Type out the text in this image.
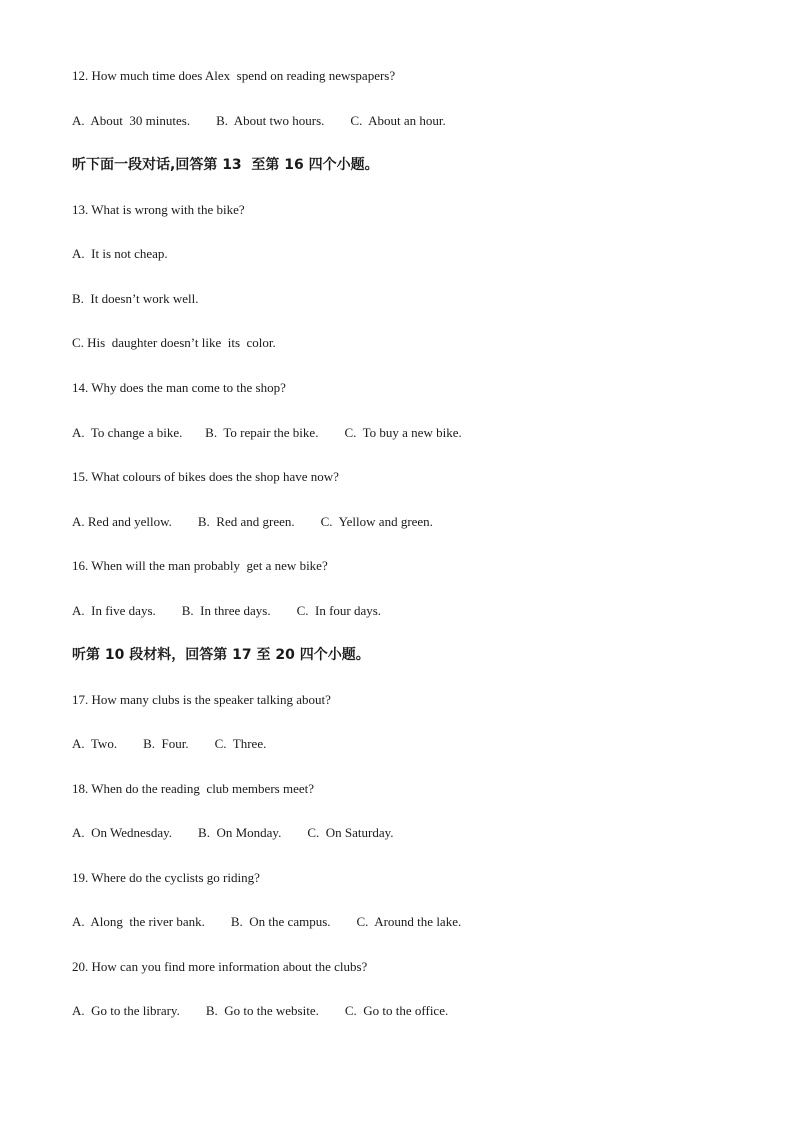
12. How much time does Alex  spend on reading newspapers?
A.  About  30 minutes.        B.  About two hours.        C.  About an hour.
听下面一段对话,回答第 13  至第 16 四个小题。
13. What is wrong with the bike?
A.  It is not cheap.
B.  It doesn’t work well.
C. His  daughter doesn’t like  its  color.
14. Why does the man come to the shop?
A.  To change a bike.       B.  To repair the bike.        C.  To buy a new bike.
15. What colours of bikes does the shop have now?
A. Red and yellow.        B.  Red and green.        C.  Yellow and green.
16. When will the man probably  get a new bike?
A.  In five days.        B.  In three days.        C.  In four days.
听第 10 段材料，回答第 17 至 20 四个小题。
17. How many clubs is the speaker talking about?
A.  Two.        B.  Four.        C.  Three.
18. When do the reading  club members meet?
A.  On Wednesday.        B.  On Monday.        C.  On Saturday.
19. Where do the cyclists go riding?
A.  Along  the river bank.        B.  On the campus.        C.  Around the lake.
20. How can you find more information about the clubs?
A.  Go to the library.        B.  Go to the website.        C.  Go to the office.
